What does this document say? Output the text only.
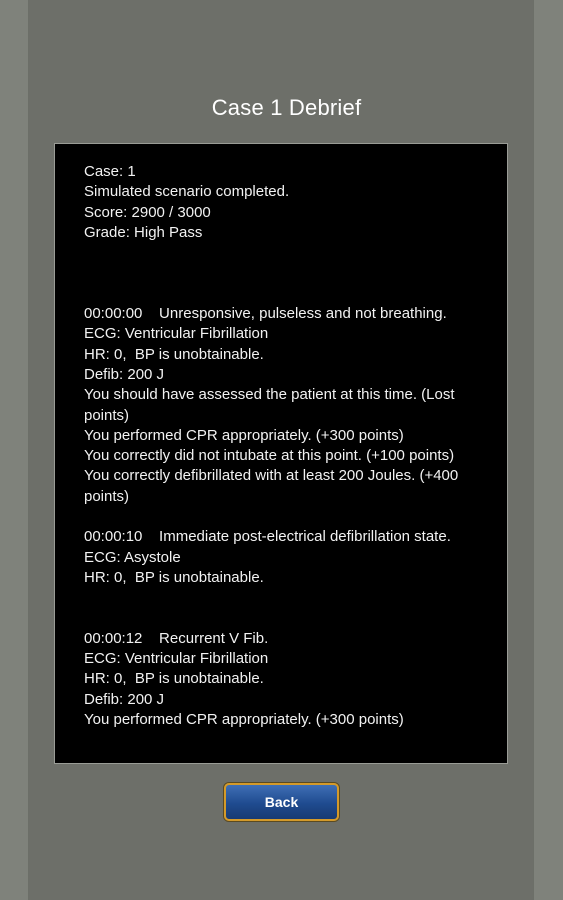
Case 1 Debrief
Case: 1
Simulated scenario completed.
Score: 2900 / 3000
Grade: High Pass
00:00:00    Unresponsive, pulseless and not breathing.
ECG: Ventricular Fibrillation
HR: 0,  BP is unobtainable.
Defib: 200 J
You should have assessed the patient at this time. (Lost points)
You performed CPR appropriately. (+300 points)
You correctly did not intubate at this point. (+100 points)
You correctly defibrillated with at least 200 Joules. (+400 points)
00:00:10    Immediate post-electrical defibrillation state.
ECG: Asystole
HR: 0,  BP is unobtainable.
00:00:12    Recurrent V Fib.
ECG: Ventricular Fibrillation
HR: 0,  BP is unobtainable.
Defib: 200 J
You performed CPR appropriately. (+300 points)
Back
